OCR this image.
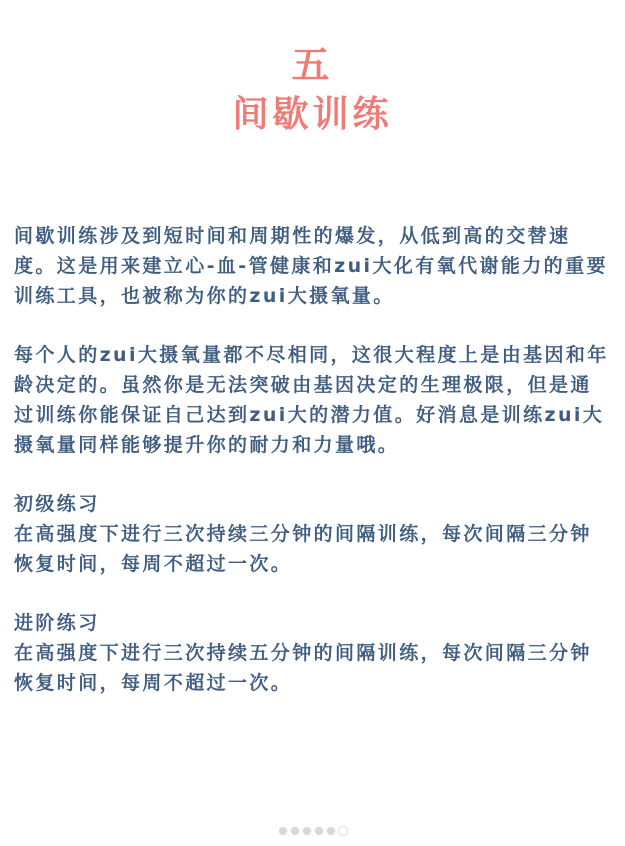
五
间歇训练

间歇训练涉及到短时间和周期性的爆发，从低到高的交替速度。这是用来建立心-血-管健康和zui大化有氧代谢能力的重要训练工具，也被称为你的zui大摄氧量。

每个人的zui大摄氧量都不尽相同，这很大程度上是由基因和年龄决定的。虽然你是无法突破由基因决定的生理极限，但是通过训练你能保证自己达到zui大的潜力值。好消息是训练zui大摄氧量同样能够提升你的耐力和力量哦。

初级练习

在高强度下进行三次持续三分钟的间隔训练，每次间隔三分钟恢复时间，每周不超过一次。

进阶练习

在高强度下进行三次持续五分钟的间隔训练，每次间隔三分钟恢复时间，每周不超过一次。
